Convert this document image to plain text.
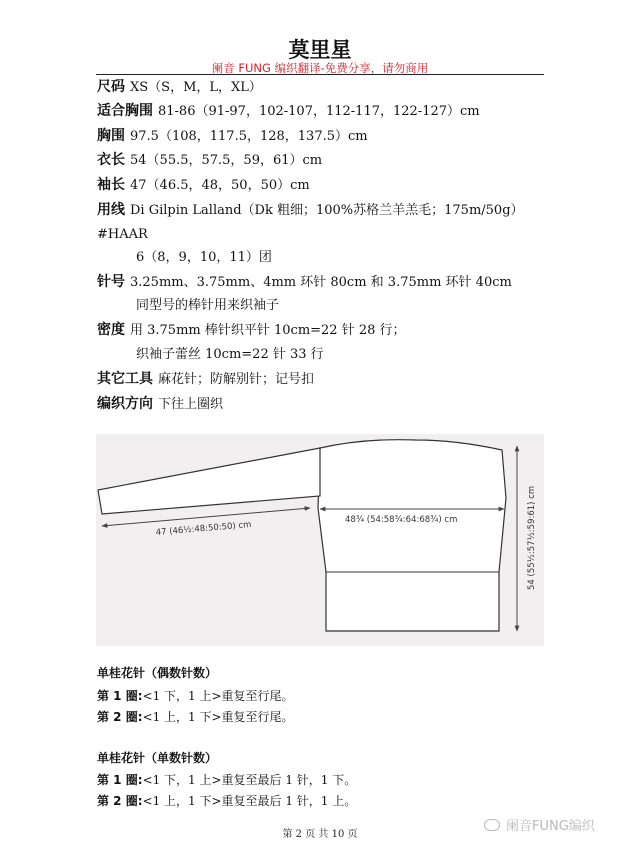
莫里星
阑音 FUNG 编织翻译-免费分享，请勿商用
尺码 XS（S，M，L，XL）
适合胸围 81-86（91-97，102-107，112-117，122-127）cm
胸围 97.5（108，117.5，128，137.5）cm
衣长 54（55.5，57.5，59，61）cm
袖长 47（46.5，48，50，50）cm
用线 Di Gilpin Lalland（Dk 粗细；100%苏格兰羊羔毛；175m/50g）
#HAAR
6（8，9，10，11）团
针号 3.25mm、3.75mm、4mm 环针 80cm 和 3.75mm 环针 40cm
同型号的棒针用来织袖子
密度 用 3.75mm 棒针织平针 10cm=22 针 28 行；
织袖子蕾丝 10cm=22 针 33 行
其它工具 麻花针；防解别针；记号扣
编织方向 下往上圈织
47 (46½:48:50:50) cm	48¾ (54:58¾:64:68¾) cm	54 (55½:57½:59:61) cm
单桂花针（偶数针数）
第 1 圈:<1 下，1 上>重复至行尾。
第 2 圈:<1 上，1 下>重复至行尾。
单桂花针（单数针数）
第 1 圈:<1 下，1 上>重复至最后 1 针，1 下。
第 2 圈:<1 上，1 下>重复至最后 1 针，1 上。
第 2 页 共 10 页
阑音FUNG编织
